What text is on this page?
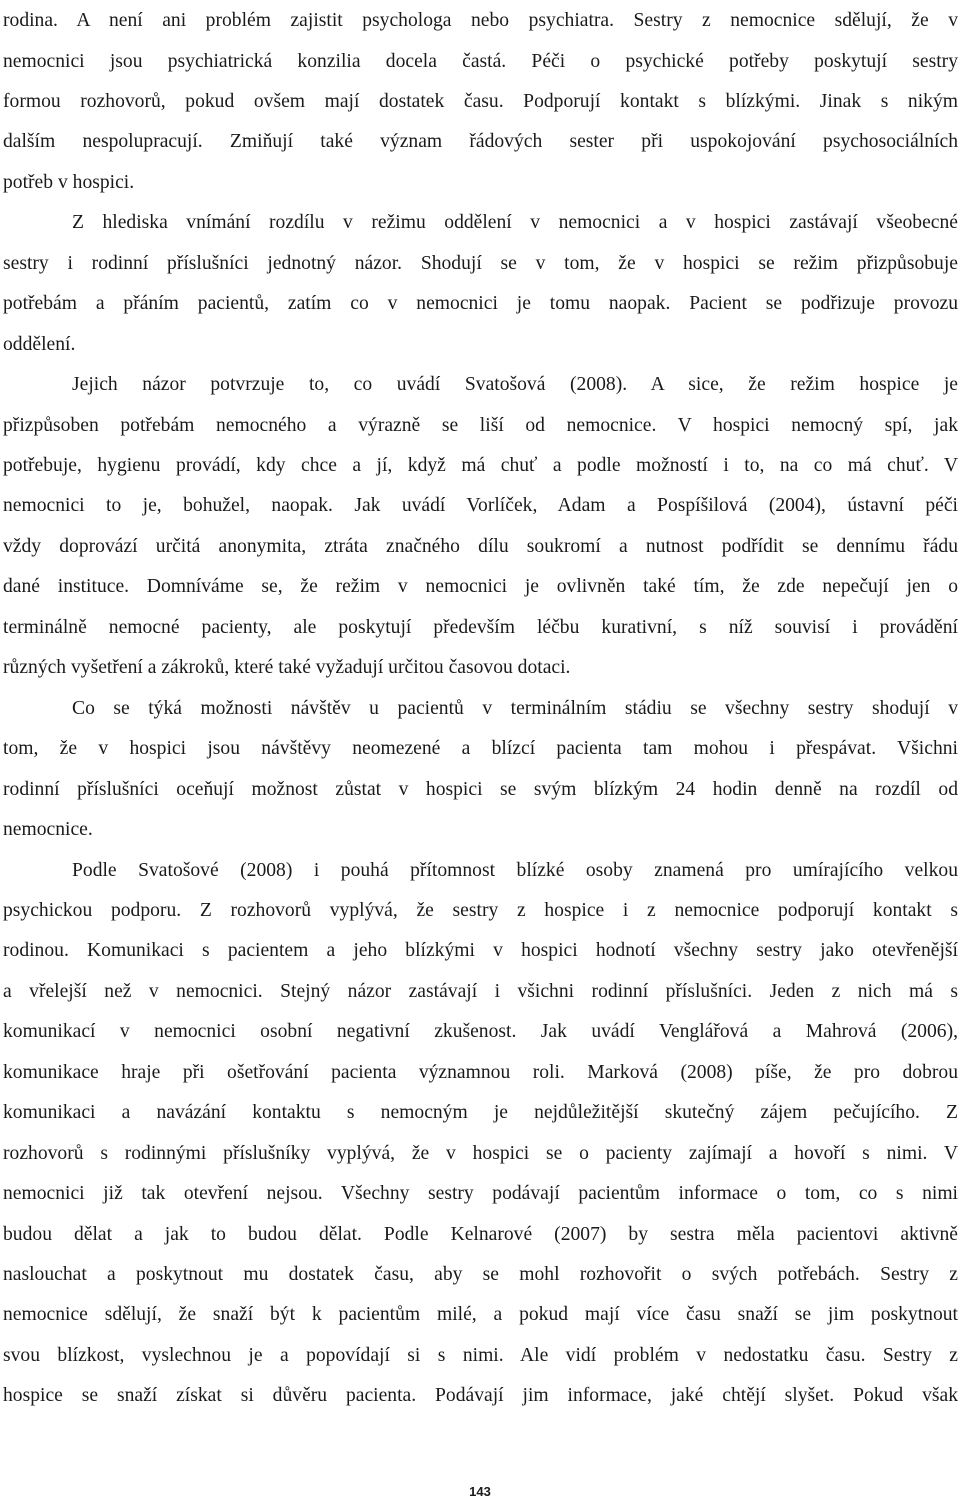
rodina. A není ani problém zajistit psychologa nebo psychiatra. Sestry z nemocnice sdělují, že v
nemocnici jsou psychiatrická konzilia docela častá. Péči o psychické potřeby poskytují sestry
formou rozhovorů, pokud ovšem mají dostatek času. Podporují kontakt s blízkými. Jinak s nikým
dalším nespolupracují. Zmiňují také význam řádových sester při uspokojování psychosociálních
potřeb v hospici.
Z hlediska vnímání rozdílu v režimu oddělení v nemocnici a v hospici zastávají všeobecné
sestry i rodinní příslušníci jednotný názor. Shodují se v tom, že v hospici se režim přizpůsobuje
potřebám a přáním pacientů, zatím co v nemocnici je tomu naopak. Pacient se podřizuje provozu
oddělení.
Jejich názor potvrzuje to, co uvádí Svatošová (2008). A sice, že režim hospice je
přizpůsoben potřebám nemocného a výrazně se liší od nemocnice. V hospici nemocný spí, jak
potřebuje, hygienu provádí, kdy chce a jí, když má chuť a podle možností i to, na co má chuť. V
nemocnici to je, bohužel, naopak. Jak uvádí Vorlíček, Adam a Pospíšilová (2004), ústavní péči
vždy doprovází určitá anonymita, ztráta značného dílu soukromí a nutnost podřídit se dennímu řádu
dané instituce. Domníváme se, že režim v nemocnici je ovlivněn také tím, že zde nepečují jen o
terminálně nemocné pacienty, ale poskytují především léčbu kurativní, s níž souvisí i provádění
různých vyšetření a zákroků, které také vyžadují určitou časovou dotaci.
Co se týká možnosti návštěv u pacientů v terminálním stádiu se všechny sestry shodují v
tom, že v hospici jsou návštěvy neomezené a blízcí pacienta tam mohou i přespávat. Všichni
rodinní příslušníci oceňují možnost zůstat v hospici se svým blízkým 24 hodin denně na rozdíl od
nemocnice.
Podle Svatošové (2008) i pouhá přítomnost blízké osoby znamená pro umírajícího velkou
psychickou podporu. Z rozhovorů vyplývá, že sestry z hospice i z nemocnice podporují kontakt s
rodinou. Komunikaci s pacientem a jeho blízkými v hospici hodnotí všechny sestry jako otevřenější
a vřelejší než v nemocnici. Stejný názor zastávají i všichni rodinní příslušníci. Jeden z nich má s
komunikací v nemocnici osobní negativní zkušenost. Jak uvádí Venglářová a Mahrová (2006),
komunikace hraje při ošetřování pacienta významnou roli. Marková (2008) píše, že pro dobrou
komunikaci a navázání kontaktu s nemocným je nejdůležitější skutečný zájem pečujícího. Z
rozhovorů s rodinnými příslušníky vyplývá, že v hospici se o pacienty zajímají a hovoří s nimi. V
nemocnici již tak otevření nejsou. Všechny sestry podávají pacientům informace o tom, co s nimi
budou dělat a jak to budou dělat. Podle Kelnarové (2007) by sestra měla pacientovi aktivně
naslouchat a poskytnout mu dostatek času, aby se mohl rozhovořit o svých potřebách. Sestry z
nemocnice sdělují, že snaží být k pacientům milé, a pokud mají více času snaží se jim poskytnout
svou blízkost, vyslechnou je a popovídají si s nimi. Ale vidí problém v nedostatku času. Sestry z
hospice se snaží získat si důvěru pacienta. Podávají jim informace, jaké chtějí slyšet. Pokud však
143
